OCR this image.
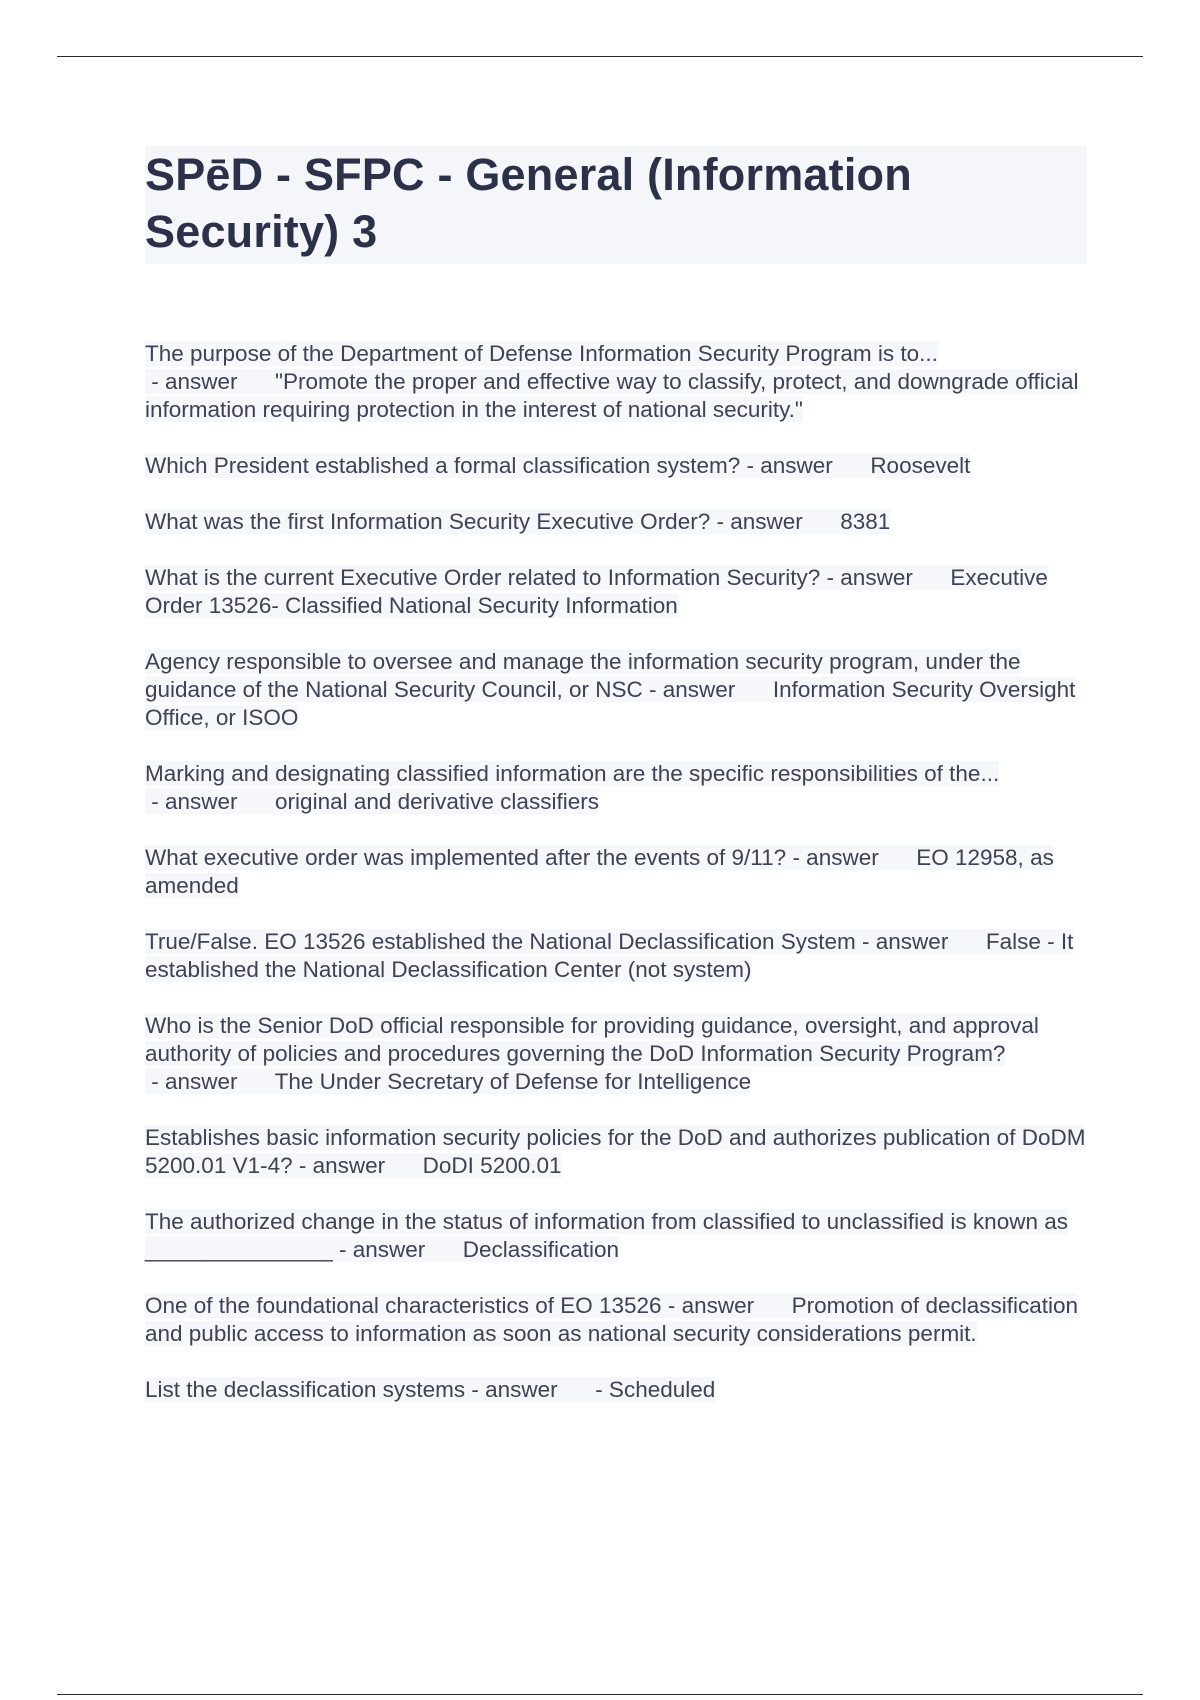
SPēD - SFPC - General (Information Security) 3

The purpose of the Department of Defense Information Security Program is to... - answer      "Promote the proper and effective way to classify, protect, and downgrade official information requiring protection in the interest of national security."

Which President established a formal classification system? - answer      Roosevelt

What was the first Information Security Executive Order? - answer      8381

What is the current Executive Order related to Information Security? - answer      Executive Order 13526- Classified National Security Information

Agency responsible to oversee and manage the information security program, under the guidance of the National Security Council, or NSC - answer      Information Security Oversight Office, or ISOO

Marking and designating classified information are the specific responsibilities of the... - answer      original and derivative classifiers

What executive order was implemented after the events of 9/11? - answer      EO 12958, as amended

True/False. EO 13526 established the National Declassification System - answer      False - It established the National Declassification Center (not system)

Who is the Senior DoD official responsible for providing guidance, oversight, and approval authority of policies and procedures governing the DoD Information Security Program? - answer      The Under Secretary of Defense for Intelligence

Establishes basic information security policies for the DoD and authorizes publication of DoDM 5200.01 V1-4? - answer      DoDI 5200.01

The authorized change in the status of information from classified to unclassified is known as _______________ - answer      Declassification

One of the foundational characteristics of EO 13526 - answer      Promotion of declassification and public access to information as soon as national security considerations permit.

List the declassification systems - answer      - Scheduled
